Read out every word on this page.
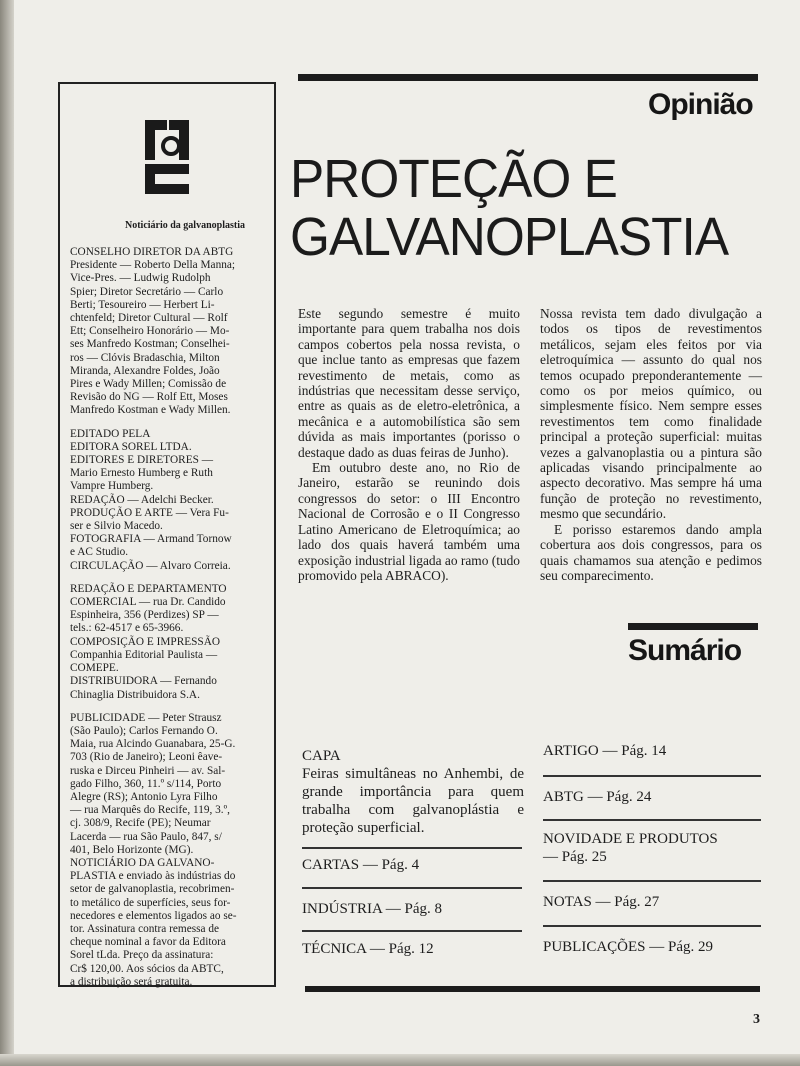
Noticiário da galvanoplastia
CONSELHO DIRETOR DA ABTG
Presidente — Roberto Della Manna;
Vice-Pres. — Ludwig Rudolph
Spier; Diretor Secretário — Carlo
Berti; Tesoureiro — Herbert Li-
chtenfeld; Diretor Cultural — Rolf
Ett; Conselheiro Honorário — Mo-
ses Manfredo Kostman; Conselhei-
ros — Clóvis Bradaschia, Milton
Miranda, Alexandre Foldes, João
Pires e Wady Millen; Comissão de
Revisão do NG — Rolf Ett, Moses
Manfredo Kostman e Wady Millen.
EDITADO PELA
EDITORA SOREL LTDA.
EDITORES E DIRETORES —
Mario Ernesto Humberg e Ruth
Vampre Humberg.
REDAÇÃO — Adelchi Becker.
PRODUÇÃO E ARTE — Vera Fu-
ser e Silvio Macedo.
FOTOGRAFIA — Armand Tornow
e AC Studio.
CIRCULAÇÃO — Alvaro Correia.
REDAÇÃO E DEPARTAMENTO
COMERCIAL — rua Dr. Candido
Espinheira, 356 (Perdizes) SP —
tels.: 62-4517 e 65-3966.
COMPOSIÇÃO E IMPRESSÃO
Companhia Editorial Paulista —
COMEPE.
DISTRIBUIDORA — Fernando
Chinaglia Distribuidora S.A.
PUBLICIDADE — Peter Strausz
(São Paulo); Carlos Fernando O.
Maia, rua Alcindo Guanabara, 25-G.
703 (Rio de Janeiro); Leoni êave-
ruska e Dirceu Pinheiri — av. Sal-
gado Filho, 360, 11.º s/114, Porto
Alegre (RS); Antonio Lyra Filho
— rua Marquês do Recife, 119, 3.º,
cj. 308/9, Recife (PE); Neumar
Lacerda — rua São Paulo, 847, s/
401, Belo Horizonte (MG).
NOTICIÁRIO DA GALVANO-
PLASTIA e enviado às indústrias do
setor de galvanoplastia, recobrimen-
to metálico de superfícies, seus for-
necedores e elementos ligados ao se-
tor. Assinatura contra remessa de
cheque nominal a favor da Editora
Sorel tLda. Preço da assinatura:
Cr$ 120,00. Aos sócios da ABTC,
a distribuição será gratuita.
Opinião
PROTEÇÃO E
GALVANOPLASTIA

Este segundo semestre é muito importante para quem trabalha nos dois campos cobertos pela nossa revista, o que inclue tanto as empresas que fazem revestimento de metais, como as indústrias que necessitam desse serviço, entre as quais as de eletro-eletrônica, a mecânica e a automobilística são sem dúvida as mais importantes (porisso o destaque dado as duas feiras de Junho).

Em outubro deste ano, no Rio de Janeiro, estarão se reunindo dois congressos do setor: o III Encontro Nacional de Corrosão e o II Congresso Latino Americano de Eletroquímica; ao lado dos quais haverá também uma exposição industrial ligada ao ramo (tudo promovido pela ABRACO).

Nossa revista tem dado divulgação a todos os tipos de revestimentos metálicos, sejam eles feitos por via eletroquímica — assunto do qual nos temos ocupado preponderantemente — como os por meios químico, ou simplesmente físico. Nem sempre esses revestimentos tem como finalidade principal a proteção superficial: muitas vezes a galvanoplastia ou a pintura são aplicadas visando principalmente ao aspecto decorativo. Mas sempre há uma função de proteção no revestimento, mesmo que secundário.

E porisso estaremos dando ampla cobertura aos dois congressos, para os quais chamamos sua atenção e pedimos seu comparecimento.

Sumário
CAPA
Feiras simultâneas no Anhembi, de grande importância para quem trabalha com galvanoplástia e proteção superficial.
CARTAS — Pág. 4
INDÚSTRIA — Pág. 8
TÉCNICA — Pág. 12
ARTIGO — Pág. 14
ABTG — Pág. 24
NOVIDADE E PRODUTOS
— Pág. 25
NOTAS — Pág. 27
PUBLICAÇÕES — Pág. 29
3
